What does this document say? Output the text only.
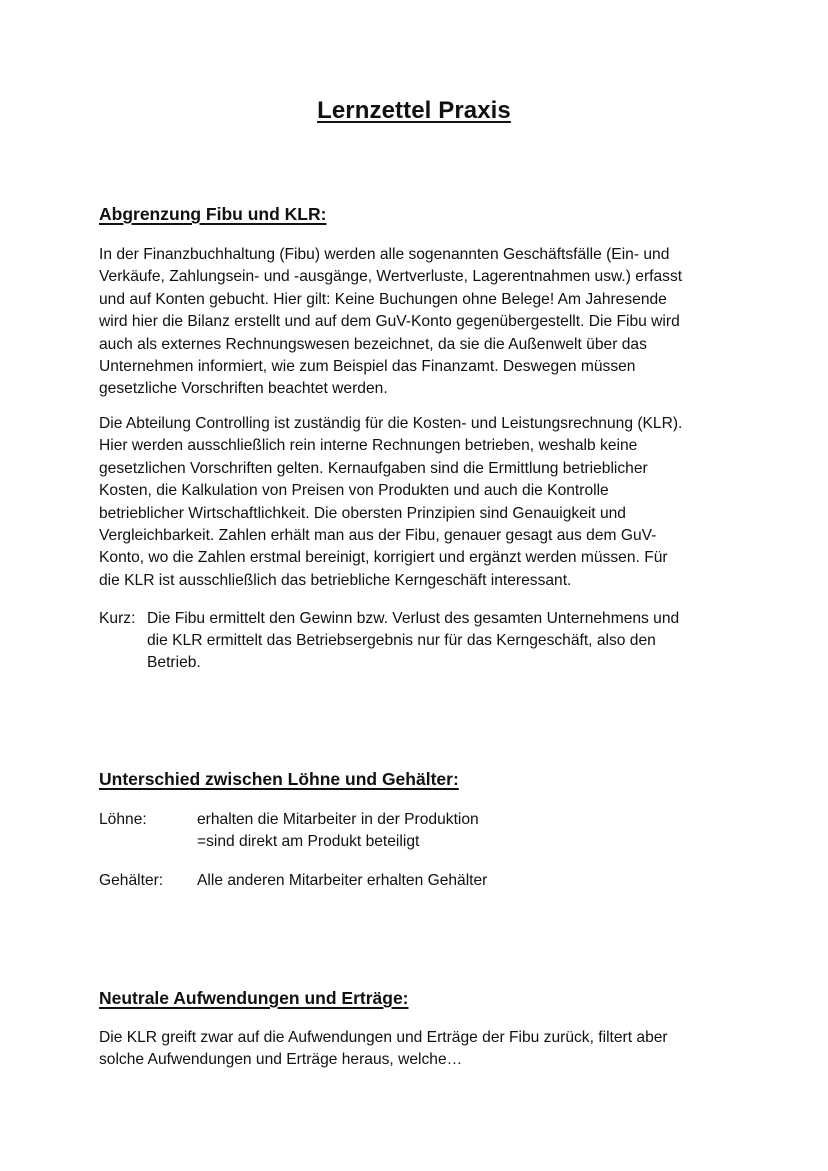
Lernzettel Praxis
Abgrenzung Fibu und KLR:

In der Finanzbuchhaltung (Fibu) werden alle sogenannten Geschäftsfälle (Ein- und
Verkäufe, Zahlungsein- und -ausgänge, Wertverluste, Lagerentnahmen usw.) erfasst
und auf Konten gebucht. Hier gilt: Keine Buchungen ohne Belege! Am Jahresende
wird hier die Bilanz erstellt und auf dem GuV-Konto gegenübergestellt. Die Fibu wird
auch als externes Rechnungswesen bezeichnet, da sie die Außenwelt über das
Unternehmen informiert, wie zum Beispiel das Finanzamt. Deswegen müssen
gesetzliche Vorschriften beachtet werden.

Die Abteilung Controlling ist zuständig für die Kosten- und Leistungsrechnung (KLR).
Hier werden ausschließlich rein interne Rechnungen betrieben, weshalb keine
gesetzlichen Vorschriften gelten. Kernaufgaben sind die Ermittlung betrieblicher
Kosten, die Kalkulation von Preisen von Produkten und auch die Kontrolle
betrieblicher Wirtschaftlichkeit. Die obersten Prinzipien sind Genauigkeit und
Vergleichbarkeit. Zahlen erhält man aus der Fibu, genauer gesagt aus dem GuV-
Konto, wo die Zahlen erstmal bereinigt, korrigiert und ergänzt werden müssen. Für
die KLR ist ausschließlich das betriebliche Kerngeschäft interessant.

Kurz: Die Fibu ermittelt den Gewinn bzw. Verlust des gesamten Unternehmens und
die KLR ermittelt das Betriebsergebnis nur für das Kerngeschäft, also den
Betrieb.
Unterschied zwischen Löhne und Gehälter:
Löhne:	erhalten die Mitarbeiter in der Produktion
=sind direkt am Produkt beteiligt
Gehälter: Alle anderen Mitarbeiter erhalten Gehälter
Neutrale Aufwendungen und Erträge:

Die KLR greift zwar auf die Aufwendungen und Erträge der Fibu zurück, filtert aber
solche Aufwendungen und Erträge heraus, welche…
